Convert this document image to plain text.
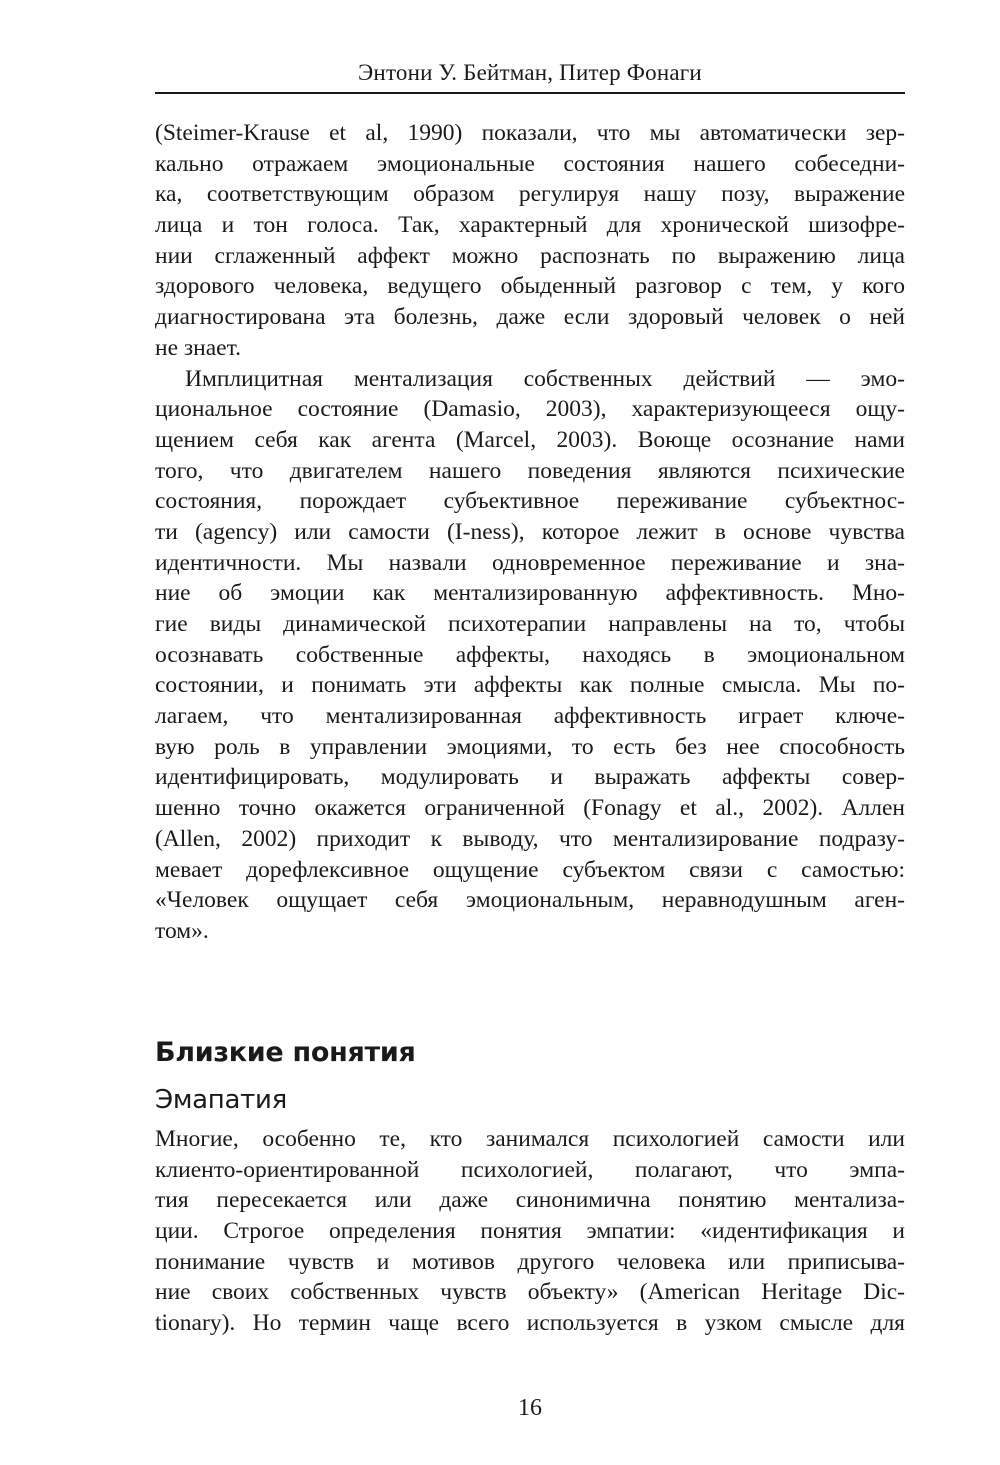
Энтони У. Бейтман, Питер Фонаги
(Steimer-Krause et al, 1990) показали, что мы автоматически зер-
кально отражаем эмоциональные состояния нашего собеседни-
ка, соответствующим образом регулируя нашу позу, выражение
лица и тон голоса. Так, характерный для хронической шизофре-
нии сглаженный аффект можно распознать по выражению лица
здорового человека, ведущего обыденный разговор с тем, у кого
диагностирована эта болезнь, даже если здоровый человек о ней
не знает.
Имплицитная ментализация собственных действий — эмо-
циональное состояние (Damasio, 2003), характеризующееся ощу-
щением себя как агента (Marcel, 2003). Воюще осознание нами
того, что двигателем нашего поведения являются психические
состояния, порождает субъективное переживание субъектнос-
ти (agency) или самости (I-ness), которое лежит в основе чувства
идентичности. Мы назвали одновременное переживание и зна-
ние об эмоции как ментализированную аффективность. Мно-
гие виды динамической психотерапии направлены на то, чтобы
осознавать собственные аффекты, находясь в эмоциональном
состоянии, и понимать эти аффекты как полные смысла. Мы по-
лагаем, что ментализированная аффективность играет ключе-
вую роль в управлении эмоциями, то есть без нее способность
идентифицировать, модулировать и выражать аффекты совер-
шенно точно окажется ограниченной (Fonagy et al., 2002). Аллен
(Allen, 2002) приходит к выводу, что ментализирование подразу-
мевает дорефлексивное ощущение субъектом связи с самостью:
«Человек ощущает себя эмоциональным, неравнодушным аген-
том».
Близкие понятия
Эмапатия
Многие, особенно те, кто занимался психологией самости или
клиенто-ориентированной психологией, полагают, что эмпа-
тия пересекается или даже синонимична понятию ментализа-
ции. Строгое определения понятия эмпатии: «идентификация и
понимание чувств и мотивов другого человека или приписыва-
ние своих собственных чувств объекту» (American Heritage Dic-
tionary). Но термин чаще всего используется в узком смысле для
16
